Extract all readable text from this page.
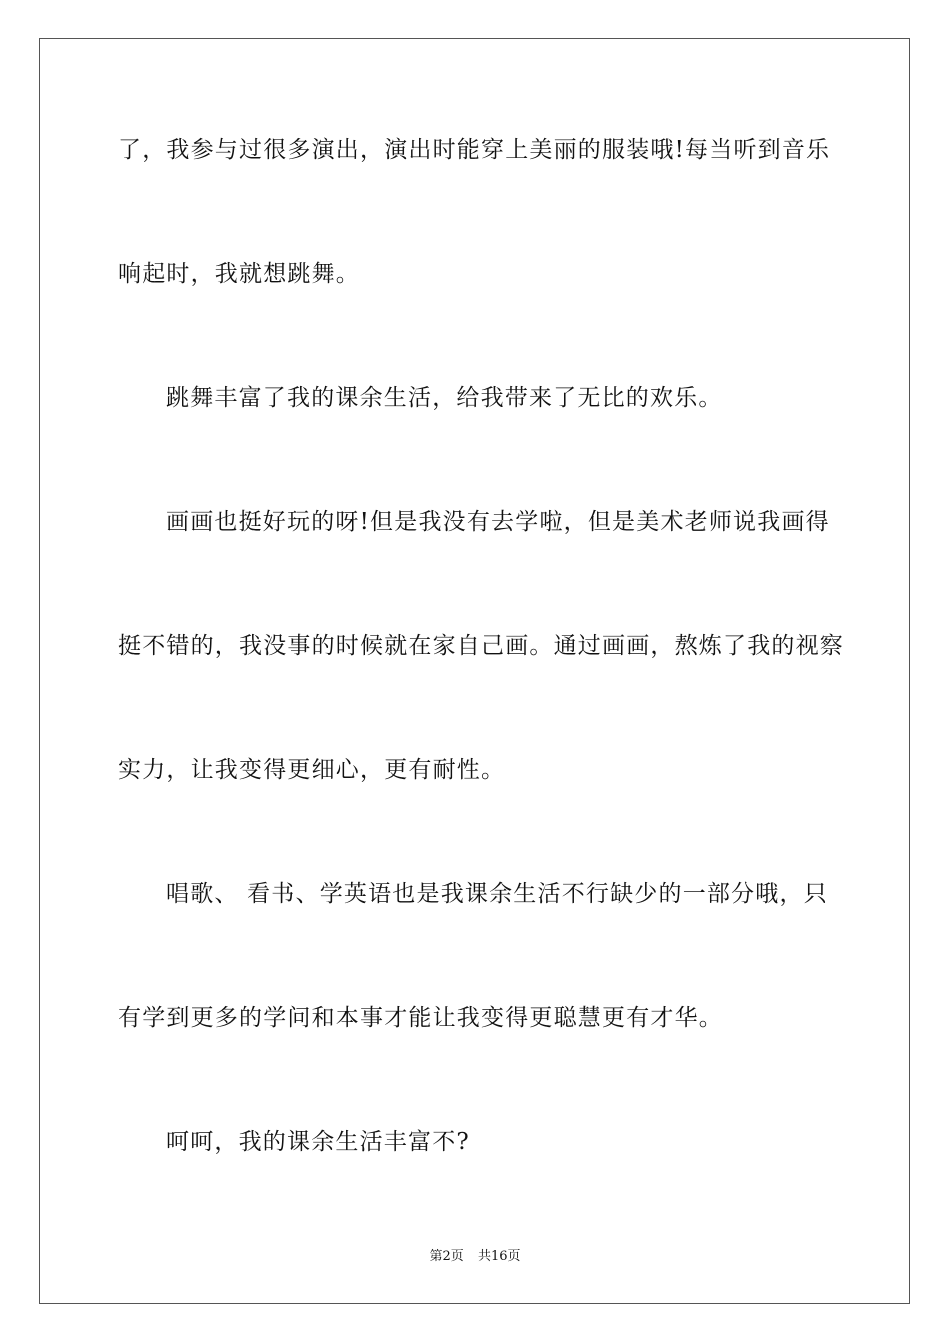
了，我参与过很多演出，演出时能穿上美丽的服装哦!每当听到音乐
响起时，我就想跳舞。
跳舞丰富了我的课余生活，给我带来了无比的欢乐。
画画也挺好玩的呀!但是我没有去学啦，但是美术老师说我画得
挺不错的，我没事的时候就在家自己画。通过画画，熬炼了我的视察
实力，让我变得更细心，更有耐性。
唱歌、 看书、学英语也是我课余生活不行缺少的一部分哦，只
有学到更多的学问和本事才能让我变得更聪慧更有才华。
呵呵，我的课余生活丰富不?
第2页 共16页
